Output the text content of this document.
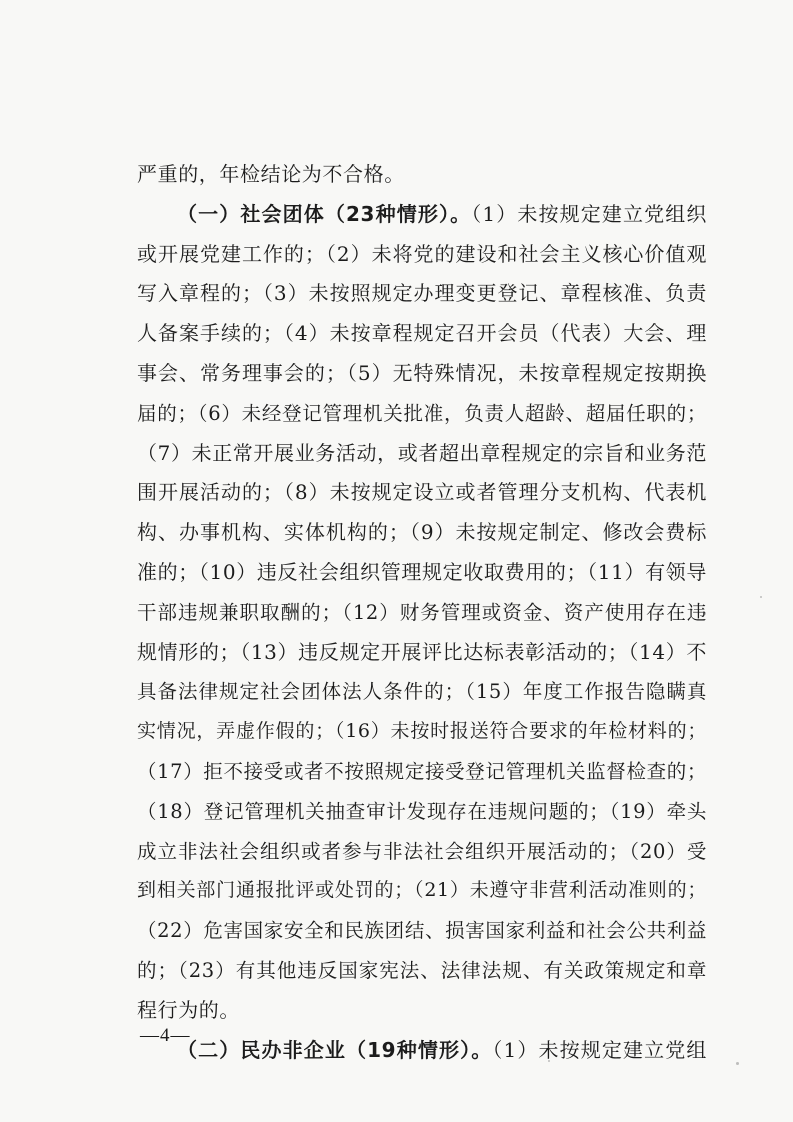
严重的，年检结论为不合格。
（一）社会团体（23种情形）。（1）未按规定建立党组织
或开展党建工作的；（2）未将党的建设和社会主义核心价值观
写入章程的；（3）未按照规定办理变更登记、章程核准、负责
人备案手续的；（4）未按章程规定召开会员（代表）大会、理
事会、常务理事会的；（5）无特殊情况，未按章程规定按期换
届的；（6）未经登记管理机关批准，负责人超龄、超届任职的；
（7）未正常开展业务活动，或者超出章程规定的宗旨和业务范
围开展活动的；（8）未按规定设立或者管理分支机构、代表机
构、办事机构、实体机构的；（9）未按规定制定、修改会费标
准的；（10）违反社会组织管理规定收取费用的；（11）有领导
干部违规兼职取酬的；（12）财务管理或资金、资产使用存在违
规情形的；（13）违反规定开展评比达标表彰活动的；（14）不
具备法律规定社会团体法人条件的；（15）年度工作报告隐瞒真
实情况，弄虚作假的；（16）未按时报送符合要求的年检材料的；
（17）拒不接受或者不按照规定接受登记管理机关监督检查的；
（18）登记管理机关抽查审计发现存在违规问题的；（19）牵头
成立非法社会组织或者参与非法社会组织开展活动的；（20）受
到相关部门通报批评或处罚的；（21）未遵守非营利活动准则的；
（22）危害国家安全和民族团结、损害国家利益和社会公共利益
的；（23）有其他违反国家宪法、法律法规、有关政策规定和章
程行为的。
（二）民办非企业（19种情形）。（1）未按规定建立党组
—4—
